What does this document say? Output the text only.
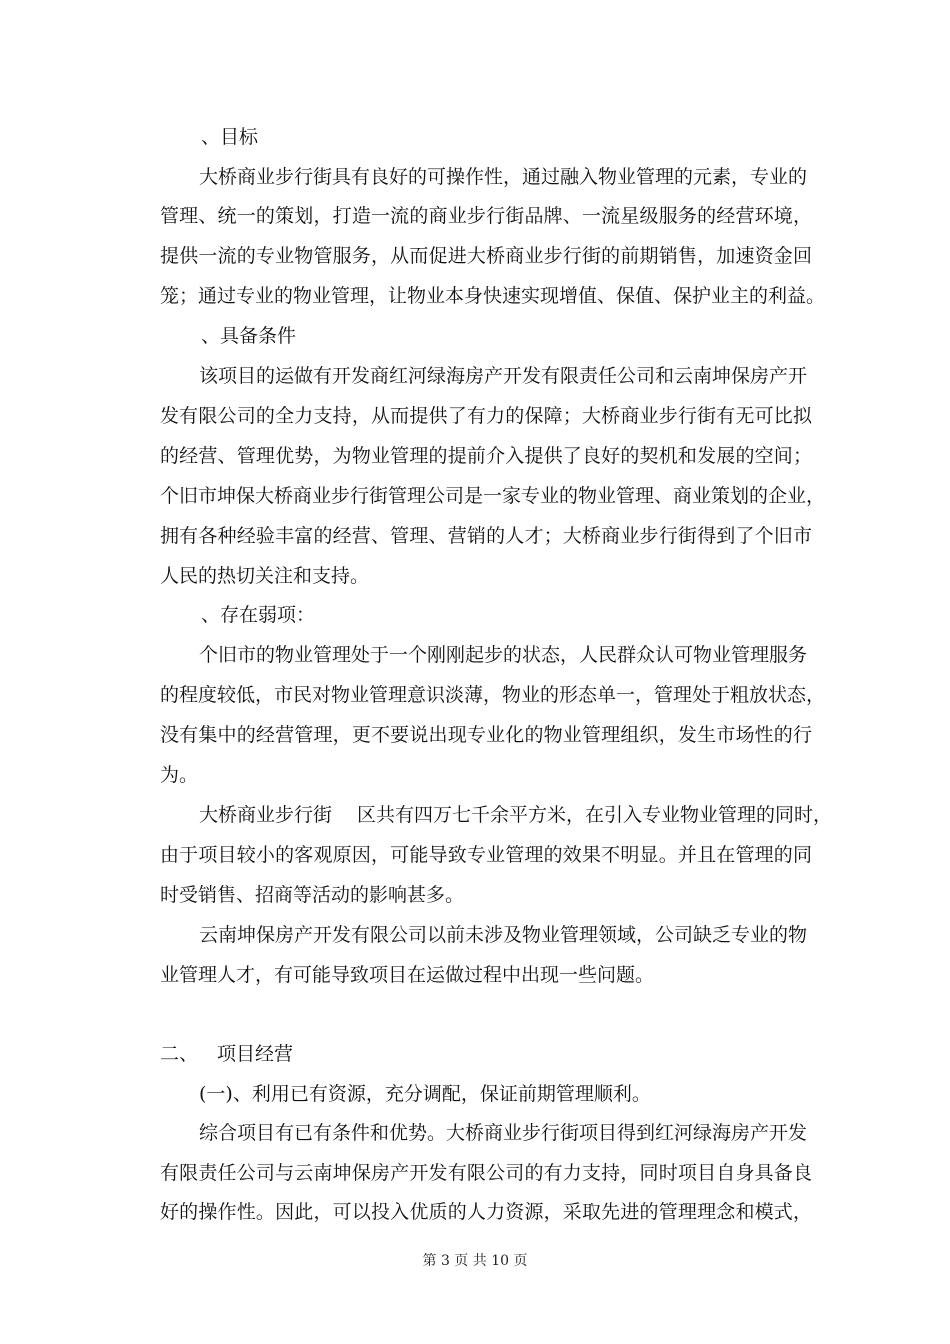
、目标
大桥商业步行街具有良好的可操作性，通过融入物业管理的元素，专业的
管理、统一的策划，打造一流的商业步行街品牌、一流星级服务的经营环境，
提供一流的专业物管服务，从而促进大桥商业步行街的前期销售，加速资金回
笼；通过专业的物业管理，让物业本身快速实现增值、保值、保护业主的利益。
、具备条件
该项目的运做有开发商红河绿海房产开发有限责任公司和云南坤保房产开
发有限公司的全力支持，从而提供了有力的保障；大桥商业步行街有无可比拟
的经营、管理优势，为物业管理的提前介入提供了良好的契机和发展的空间；
个旧市坤保大桥商业步行街管理公司是一家专业的物业管理、商业策划的企业，
拥有各种经验丰富的经营、管理、营销的人才；大桥商业步行街得到了个旧市
人民的热切关注和支持。
、存在弱项：
个旧市的物业管理处于一个刚刚起步的状态，人民群众认可物业管理服务
的程度较低，市民对物业管理意识淡薄，物业的形态单一，管理处于粗放状态，
没有集中的经营管理，更不要说出现专业化的物业管理组织，发生市场性的行
为。
大桥商业步行街　 区共有四万七千余平方米，在引入专业物业管理的同时，
由于项目较小的客观原因，可能导致专业管理的效果不明显。并且在管理的同
时受销售、招商等活动的影响甚多。
云南坤保房产开发有限公司以前未涉及物业管理领域，公司缺乏专业的物
业管理人才，有可能导致项目在运做过程中出现一些问题。
二、 项目经营
(一)、利用已有资源，充分调配，保证前期管理顺利。
综合项目有已有条件和优势。大桥商业步行街项目得到红河绿海房产开发
有限责任公司与云南坤保房产开发有限公司的有力支持，同时项目自身具备良
好的操作性。因此，可以投入优质的人力资源，采取先进的管理理念和模式，
第 3 页 共 10 页
